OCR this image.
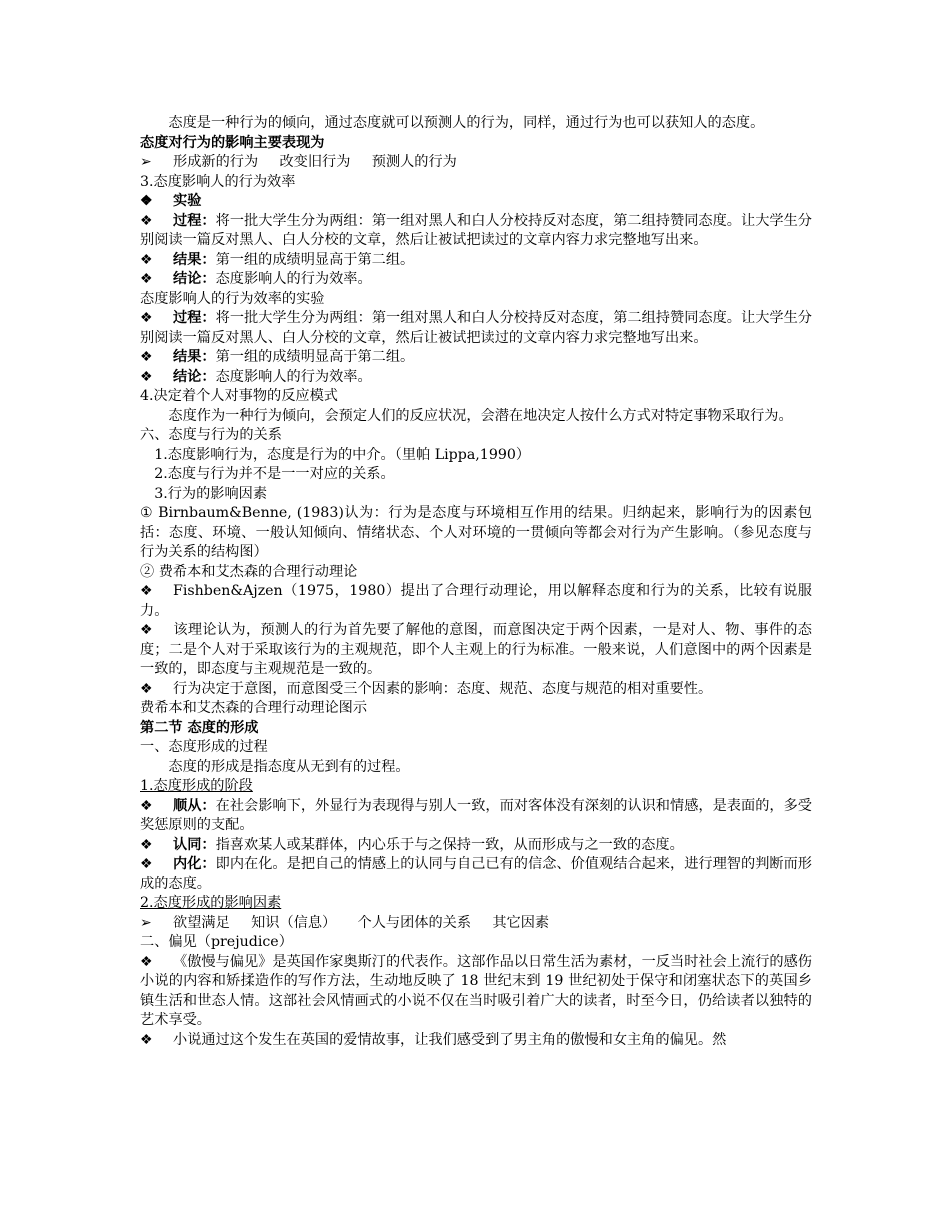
态度是一种行为的倾向，通过态度就可以预测人的行为，同样，通过行为也可以获知人的态度。

态度对行为的影响主要表现为

➢ 形成新的行为 改变旧行为 预测人的行为

3.态度影响人的行为效率

❖ 实验

❖ 过程：将一批大学生分为两组：第一组对黑人和白人分校持反对态度，第二组持赞同态度。让大学生分别阅读一篇反对黑人、白人分校的文章，然后让被试把读过的文章内容力求完整地写出来。

❖ 结果：第一组的成绩明显高于第二组。

❖ 结论：态度影响人的行为效率。

态度影响人的行为效率的实验

❖ 过程：将一批大学生分为两组：第一组对黑人和白人分校持反对态度，第二组持赞同态度。让大学生分别阅读一篇反对黑人、白人分校的文章，然后让被试把读过的文章内容力求完整地写出来。

❖ 结果：第一组的成绩明显高于第二组。

❖ 结论：态度影响人的行为效率。

4.决定着个人对事物的反应模式

态度作为一种行为倾向，会预定人们的反应状况，会潜在地决定人按什么方式对特定事物采取行为。

六、态度与行为的关系

1.态度影响行为，态度是行为的中介。（里帕 Lippa,1990）

2.态度与行为并不是一一对应的关系。

3.行为的影响因素

① Birnbaum&Benne, (1983)认为：行为是态度与环境相互作用的结果。归纳起来，影响行为的因素包括：态度、环境、一般认知倾向、情绪状态、个人对环境的一贯倾向等都会对行为产生影响。（参见态度与行为关系的结构图）

② 费希本和艾杰森的合理行动理论

❖ Fishben&Ajzen（1975，1980）提出了合理行动理论，用以解释态度和行为的关系，比较有说服力。

❖ 该理论认为，预测人的行为首先要了解他的意图，而意图决定于两个因素，一是对人、物、事件的态度；二是个人对于采取该行为的主观规范，即个人主观上的行为标准。一般来说，人们意图中的两个因素是一致的，即态度与主观规范是一致的。

❖ 行为决定于意图，而意图受三个因素的影响：态度、规范、态度与规范的相对重要性。

费希本和艾杰森的合理行动理论图示

第二节 态度的形成

一、态度形成的过程

态度的形成是指态度从无到有的过程。

1.态度形成的阶段

❖ 顺从：在社会影响下，外显行为表现得与别人一致，而对客体没有深刻的认识和情感，是表面的，多受奖惩原则的支配。

❖ 认同：指喜欢某人或某群体，内心乐于与之保持一致，从而形成与之一致的态度。

❖ 内化：即内在化。是把自己的情感上的认同与自己已有的信念、价值观结合起来，进行理智的判断而形成的态度。

2.态度形成的影响因素

➢ 欲望满足 知识（信息） 个人与团体的关系 其它因素

二、偏见（prejudice）

❖ 《傲慢与偏见》是英国作家奥斯汀的代表作。这部作品以日常生活为素材，一反当时社会上流行的感伤小说的内容和矫揉造作的写作方法，生动地反映了 18 世纪末到 19 世纪初处于保守和闭塞状态下的英国乡镇生活和世态人情。这部社会风情画式的小说不仅在当时吸引着广大的读者，时至今日，仍给读者以独特的艺术享受。

❖ 小说通过这个发生在英国的爱情故事，让我们感受到了男主角的傲慢和女主角的偏见。然
